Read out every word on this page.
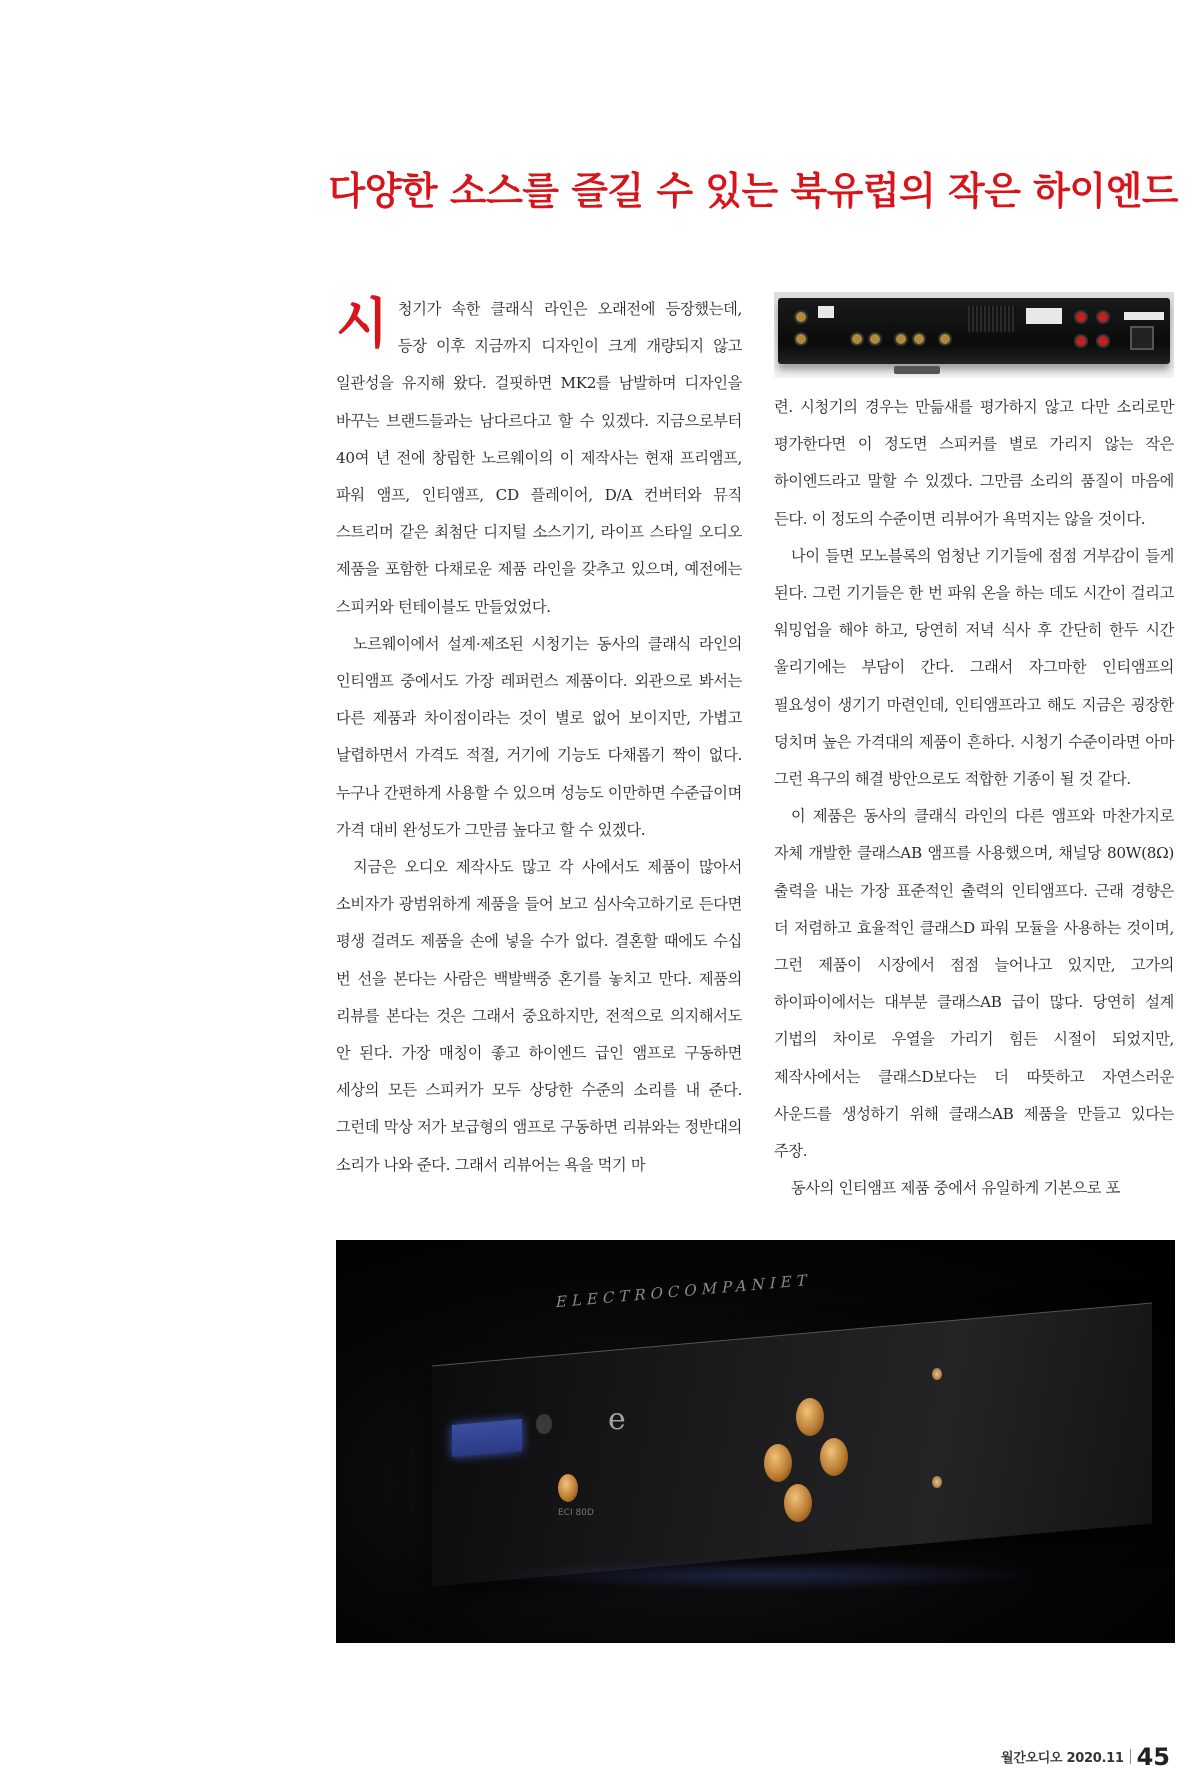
다양한 소스를 즐길 수 있는 북유럽의 작은 하이엔드

시청기가 속한 클래식 라인은 오래전에 등장했는데, 등장 이후 지금까지 디자인이 크게 개량되지 않고 일관성을 유지해 왔다. 걸핏하면 MK2를 남발하며 디자인을 바꾸는 브랜드들과는 남다르다고 할 수 있겠다. 지금으로부터 40여 년 전에 창립한 노르웨이의 이 제작사는 현재 프리앰프, 파워 앰프, 인티앰프, CD 플레이어, D/A 컨버터와 뮤직 스트리머 같은 최첨단 디지털 소스기기, 라이프 스타일 오디오 제품을 포함한 다채로운 제품 라인을 갖추고 있으며, 예전에는 스피커와 턴테이블도 만들었었다.

노르웨이에서 설계·제조된 시청기는 동사의 클래식 라인의 인티앰프 중에서도 가장 레퍼런스 제품이다. 외관으로 봐서는 다른 제품과 차이점이라는 것이 별로 없어 보이지만, 가볍고 날렵하면서 가격도 적절, 거기에 기능도 다채롭기 짝이 없다. 누구나 간편하게 사용할 수 있으며 성능도 이만하면 수준급이며 가격 대비 완성도가 그만큼 높다고 할 수 있겠다.

지금은 오디오 제작사도 많고 각 사에서도 제품이 많아서 소비자가 광범위하게 제품을 들어 보고 심사숙고하기로 든다면 평생 걸려도 제품을 손에 넣을 수가 없다. 결혼할 때에도 수십 번 선을 본다는 사람은 백발백중 혼기를 놓치고 만다. 제품의 리뷰를 본다는 것은 그래서 중요하지만, 전적으로 의지해서도 안 된다. 가장 매칭이 좋고 하이엔드 급인 앰프로 구동하면 세상의 모든 스피커가 모두 상당한 수준의 소리를 내 준다. 그런데 막상 저가 보급형의 앰프로 구동하면 리뷰와는 정반대의 소리가 나와 준다. 그래서 리뷰어는 욕을 먹기 마

련. 시청기의 경우는 만듦새를 평가하지 않고 다만 소리로만 평가한다면 이 정도면 스피커를 별로 가리지 않는 작은 하이엔드라고 말할 수 있겠다. 그만큼 소리의 품질이 마음에 든다. 이 정도의 수준이면 리뷰어가 욕먹지는 않을 것이다.

나이 들면 모노블록의 엄청난 기기들에 점점 거부감이 들게 된다. 그런 기기들은 한 번 파워 온을 하는 데도 시간이 걸리고 워밍업을 해야 하고, 당연히 저녁 식사 후 간단히 한두 시간 울리기에는 부담이 간다. 그래서 자그마한 인티앰프의 필요성이 생기기 마련인데, 인티앰프라고 해도 지금은 굉장한 덩치며 높은 가격대의 제품이 흔하다. 시청기 수준이라면 아마 그런 욕구의 해결 방안으로도 적합한 기종이 될 것 같다.

이 제품은 동사의 클래식 라인의 다른 앰프와 마찬가지로 자체 개발한 클래스AB 앰프를 사용했으며, 채널당 80W(8Ω) 출력을 내는 가장 표준적인 출력의 인티앰프다. 근래 경향은 더 저렴하고 효율적인 클래스D 파워 모듈을 사용하는 것이며, 그런 제품이 시장에서 점점 늘어나고 있지만, 고가의 하이파이에서는 대부분 클래스AB 급이 많다. 당연히 설계 기법의 차이로 우열을 가리기 힘든 시절이 되었지만, 제작사에서는 클래스D보다는 더 따뜻하고 자연스러운 사운드를 생성하기 위해 클래스AB 제품을 만들고 있다는 주장.

동사의 인티앰프 제품 중에서 유일하게 기본으로 포

ELECTROCOMPANIET
e
ECI 80D
월간오디오 2020.11 45
